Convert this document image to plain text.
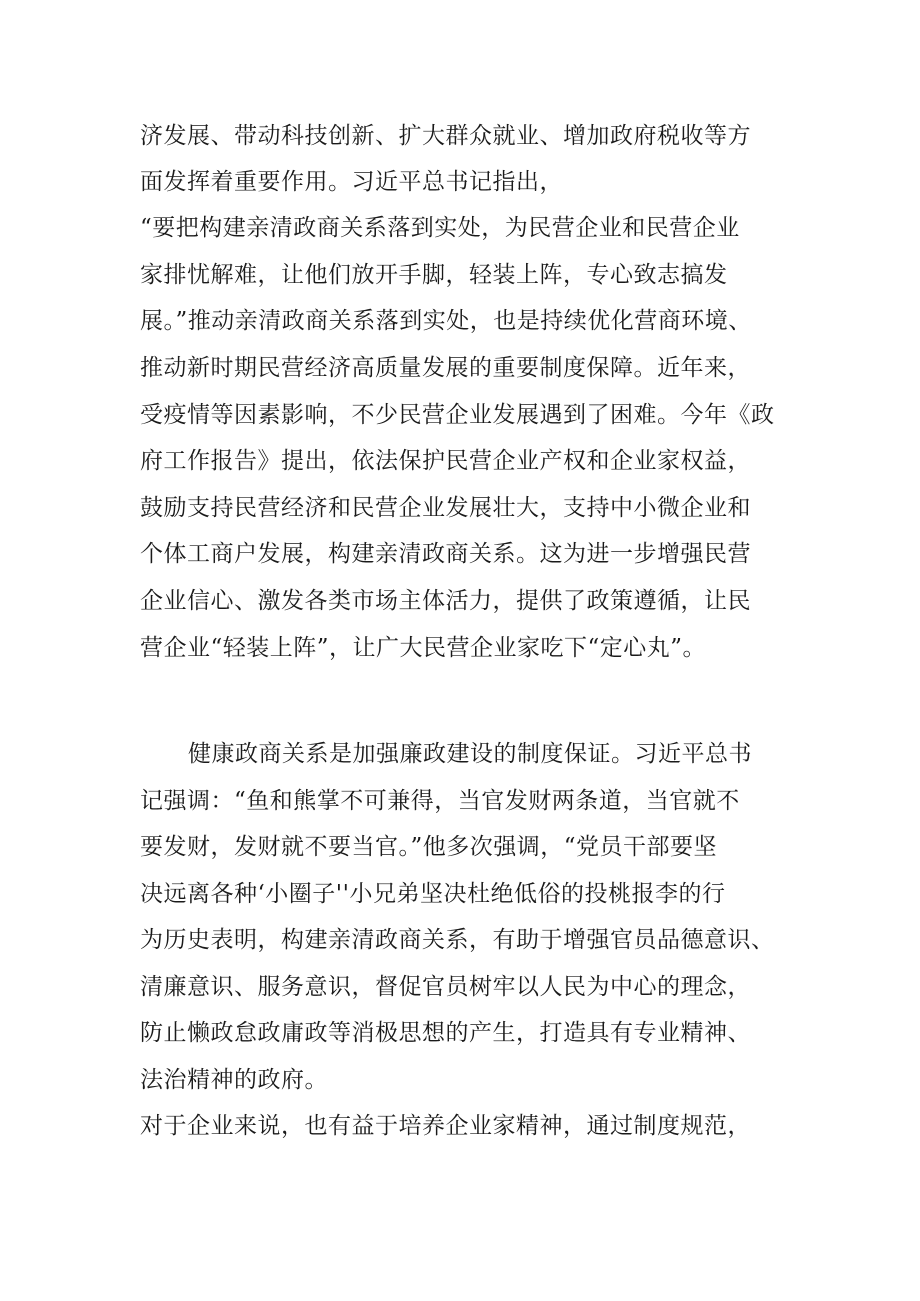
济发展、带动科技创新、扩大群众就业、增加政府税收等方
面发挥着重要作用。习近平总书记指出，
“要把构建亲清政商关系落到实处，为民营企业和民营企业
家排忧解难，让他们放开手脚，轻装上阵，专心致志搞发
展。”推动亲清政商关系落到实处，也是持续优化营商环境、
推动新时期民营经济高质量发展的重要制度保障。近年来，
受疫情等因素影响，不少民营企业发展遇到了困难。今年《政
府工作报告》提出，依法保护民营企业产权和企业家权益，
鼓励支持民营经济和民营企业发展壮大，支持中小微企业和
个体工商户发展，构建亲清政商关系。这为进一步增强民营
企业信心、激发各类市场主体活力，提供了政策遵循，让民
营企业“轻装上阵”，让广大民营企业家吃下“定心丸”。
健康政商关系是加强廉政建设的制度保证。习近平总书
记强调：“鱼和熊掌不可兼得，当官发财两条道，当官就不
要发财，发财就不要当官。”他多次强调，“党员干部要坚
决远离各种‘小圈子''小兄弟坚决杜绝低俗的投桃报李的行
为历史表明，构建亲清政商关系，有助于增强官员品德意识、
清廉意识、服务意识，督促官员树牢以人民为中心的理念，
防止懒政怠政庸政等消极思想的产生，打造具有专业精神、
法治精神的政府。
对于企业来说，也有益于培养企业家精神，通过制度规范，
